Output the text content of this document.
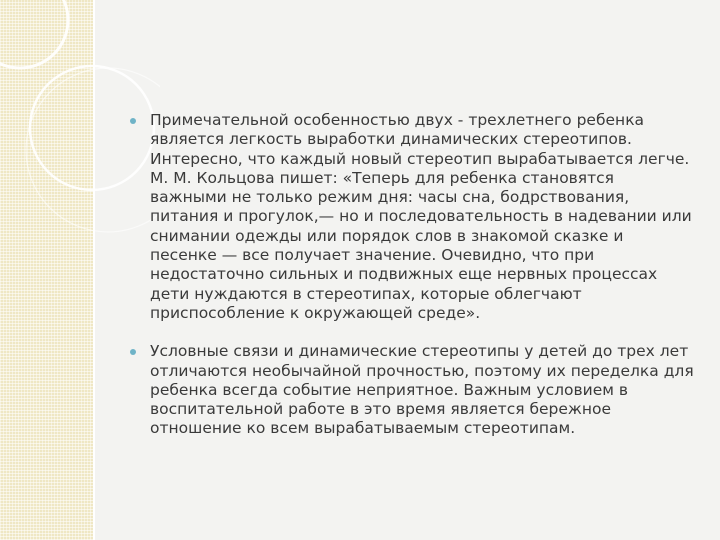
Примечательной особенностью двух - трехлетнего ребенка является легкость выработки динамических стереотипов. Интересно, что каждый новый стереотип вырабатывается легче. М. М. Кольцова пишет: «Теперь для ребенка становятся важными не только режим дня: часы сна, бодрствования, питания и прогулок,— но и последовательность в надевании или снимании одежды или порядок слов в знакомой сказке и песенке — все получает значение. Очевидно, что при недостаточно сильных и подвижных еще нервных процессах дети нуждаются в стереотипах, которые облегчают приспособление к окружающей среде».
Условные связи и динамические стереотипы у детей до трех лет отличаются необычайной прочностью, поэтому их переделка для ребенка всегда событие неприятное. Важным условием в воспитательной работе в это время является бережное отношение ко всем вырабатываемым стереотипам.
